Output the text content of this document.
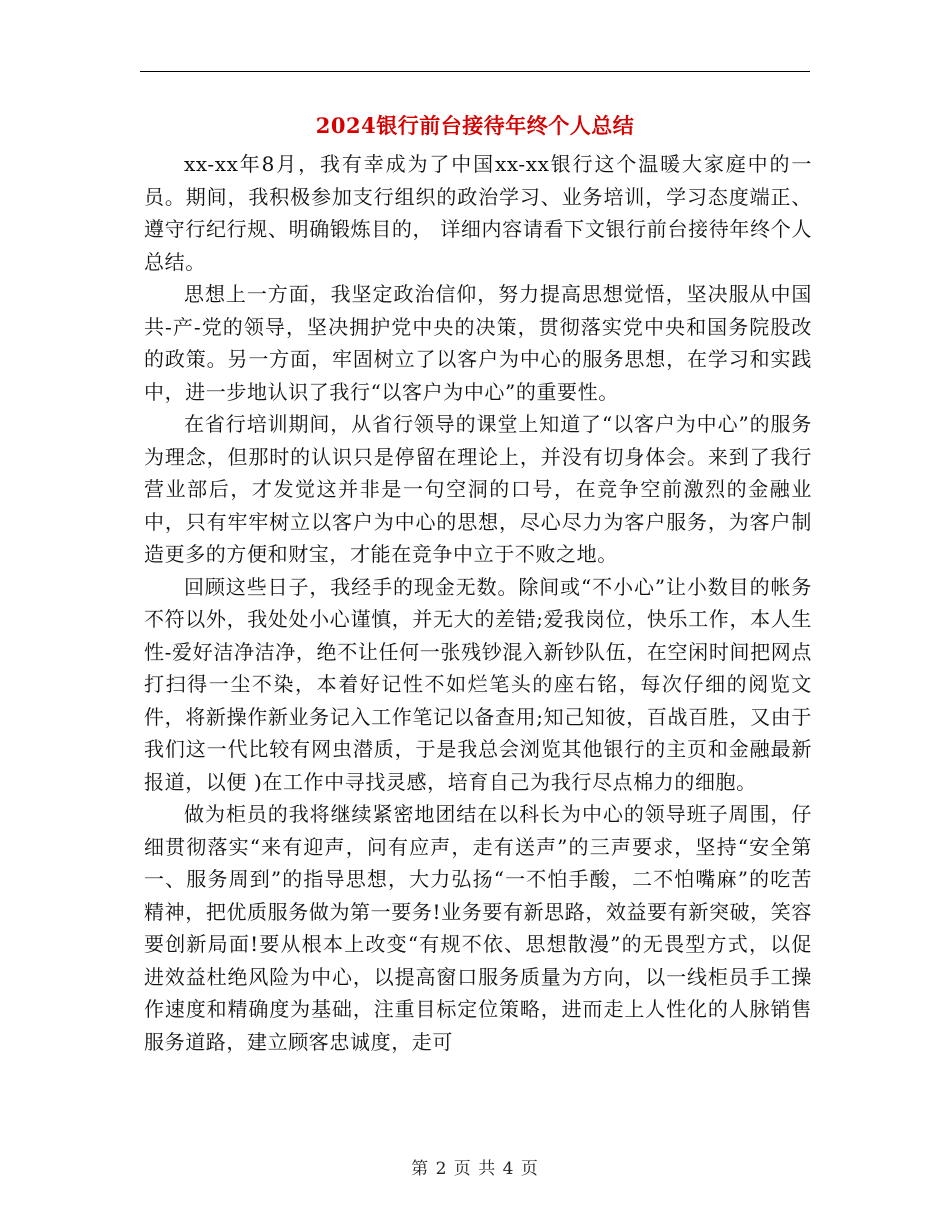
2024银行前台接待年终个人总结

xx-xx年8月，我有幸成为了中国xx-xx银行这个温暖大家庭中的一员。期间，我积极参加支行组织的政治学习、业务培训，学习态度端正、遵守行纪行规、明确锻炼目的， 详细内容请看下文银行前台接待年终个人总结。

思想上一方面，我坚定政治信仰，努力提高思想觉悟，坚决服从中国共-产-党的领导，坚决拥护党中央的决策，贯彻落实党中央和国务院股改的政策。另一方面，牢固树立了以客户为中心的服务思想，在学习和实践中，进一步地认识了我行“以客户为中心”的重要性。

在省行培训期间，从省行领导的课堂上知道了“以客户为中心”的服务为理念，但那时的认识只是停留在理论上，并没有切身体会。来到了我行营业部后，才发觉这并非是一句空洞的口号，在竞争空前激烈的金融业中，只有牢牢树立以客户为中心的思想，尽心尽力为客户服务，为客户制造更多的方便和财宝，才能在竞争中立于不败之地。

回顾这些日子，我经手的现金无数。除间或“不小心”让小数目的帐务不符以外，我处处小心谨慎，并无大的差错;爱我岗位，快乐工作，本人生性-爱好洁净洁净，绝不让任何一张残钞混入新钞队伍，在空闲时间把网点打扫得一尘不染，本着好记性不如烂笔头的座右铭，每次仔细的阅览文件，将新操作新业务记入工作笔记以备查用;知己知彼，百战百胜，又由于我们这一代比较有网虫潜质，于是我总会浏览其他银行的主页和金融最新报道，以便 )在工作中寻找灵感，培育自己为我行尽点棉力的细胞。

做为柜员的我将继续紧密地团结在以科长为中心的领导班子周围，仔细贯彻落实“来有迎声，问有应声，走有送声”的三声要求，坚持“安全第一、服务周到”的指导思想，大力弘扬“一不怕手酸，二不怕嘴麻”的吃苦精神，把优质服务做为第一要务!业务要有新思路，效益要有新突破，笑容要创新局面!要从根本上改变“有规不依、思想散漫”的无畏型方式，以促进效益杜绝风险为中心，以提高窗口服务质量为方向，以一线柜员手工操作速度和精确度为基础，注重目标定位策略，进而走上人性化的人脉销售服务道路，建立顾客忠诚度，走可

第 2 页 共 4 页
